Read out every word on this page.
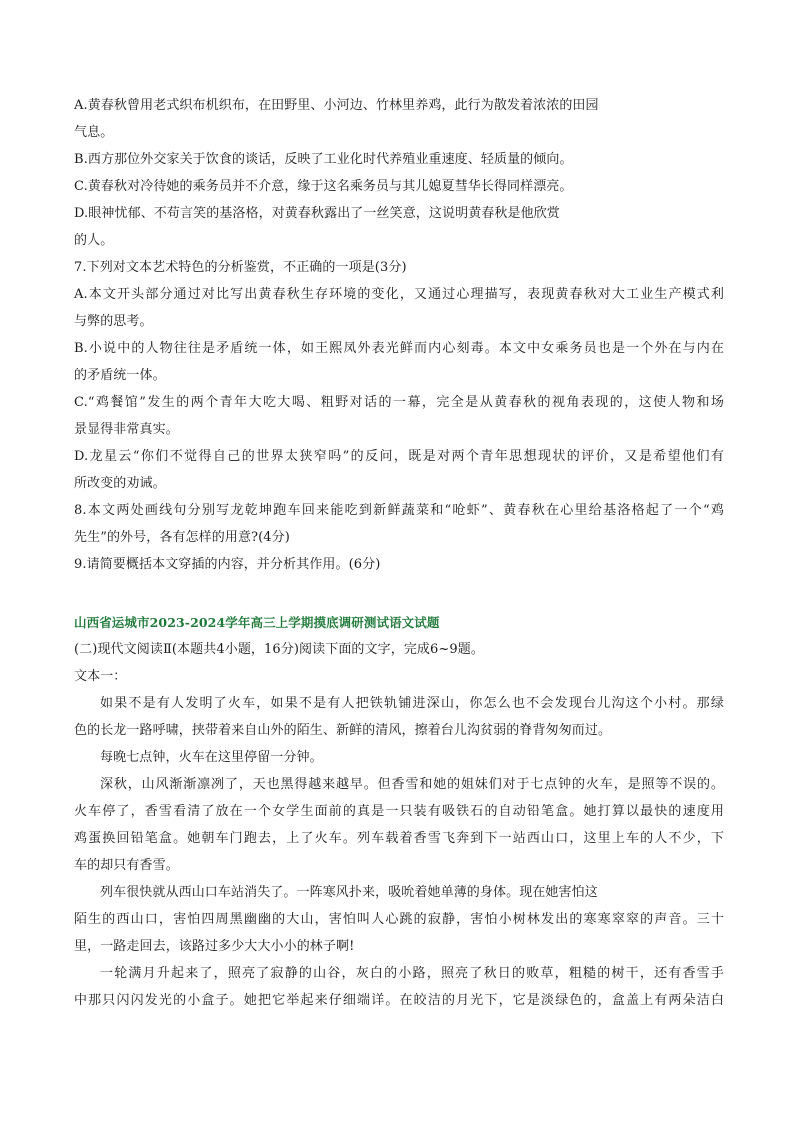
A.黄春秋曾用老式织布机织布，在田野里、小河边、竹林里养鸡，此行为散发着浓浓的田园
气息。
B.西方那位外交家关于饮食的谈话，反映了工业化时代养殖业重速度、轻质量的倾向。
C.黄春秋对冷待她的乘务员并不介意，缘于这名乘务员与其儿媳夏彗华长得同样漂亮。
D.眼神忧郁、不苟言笑的基洛格，对黄春秋露出了一丝笑意，这说明黄春秋是他欣赏
的人。
7.下列对文本艺术特色的分析鉴赏，不正确的一项是(3分)
A.本文开头部分通过对比写出黄春秋生存环境的变化，又通过心理描写，表现黄春秋对大工业生产模式利
与弊的思考。
B.小说中的人物往往是矛盾统一体，如王熙凤外表光鲜而内心刻毒。本文中女乘务员也是一个外在与内在
的矛盾统一体。
C.“鸡餐馆”发生的两个青年大吃大喝、粗野对话的一幕，完全是从黄春秋的视角表现的，这使人物和场
景显得非常真实。
D.龙星云“你们不觉得自己的世界太狭窄吗”的反问，既是对两个青年思想现状的评价，又是希望他们有
所改变的劝诫。
8.本文两处画线句分别写龙乾坤跑车回来能吃到新鲜蔬菜和“呛虾”、黄春秋在心里给基洛格起了一个“鸡
先生”的外号，各有怎样的用意?(4分)
9.请简要概括本文穿插的内容，并分析其作用。(6分)
山西省运城市2023-2024学年高三上学期摸底调研测试语文试题
(二)现代文阅读Ⅱ(本题共4小题，16分)阅读下面的文字，完成6~9题。
文本一：
如果不是有人发明了火车，如果不是有人把铁轨铺进深山，你怎么也不会发现台儿沟这个小村。那绿
色的长龙一路呼啸，挟带着来自山外的陌生、新鲜的清风，擦着台儿沟贫弱的脊背匆匆而过。
每晚七点钟，火车在这里停留一分钟。
深秋，山风渐渐凛冽了，天也黑得越来越早。但香雪和她的姐妹们对于七点钟的火车，是照等不误的。
火车停了，香雪看清了放在一个女学生面前的真是一只装有吸铁石的自动铅笔盒。她打算以最快的速度用
鸡蛋换回铅笔盒。她朝车门跑去，上了火车。列车载着香雪飞奔到下一站西山口，这里上车的人不少，下
车的却只有香雪。
列车很快就从西山口车站消失了。一阵寒风扑来，吸吮着她单薄的身体。现在她害怕这
陌生的西山口，害怕四周黑幽幽的大山，害怕叫人心跳的寂静，害怕小树林发出的寒寒窣窣的声音。三十
里，一路走回去，该路过多少大大小小的林子啊!
一轮满月升起来了，照亮了寂静的山谷，灰白的小路，照亮了秋日的败草，粗糙的树干，还有香雪手
中那只闪闪发光的小盒子。她把它举起来仔细端详。在皎洁的月光下，它是淡绿色的，盒盖上有两朵洁白
